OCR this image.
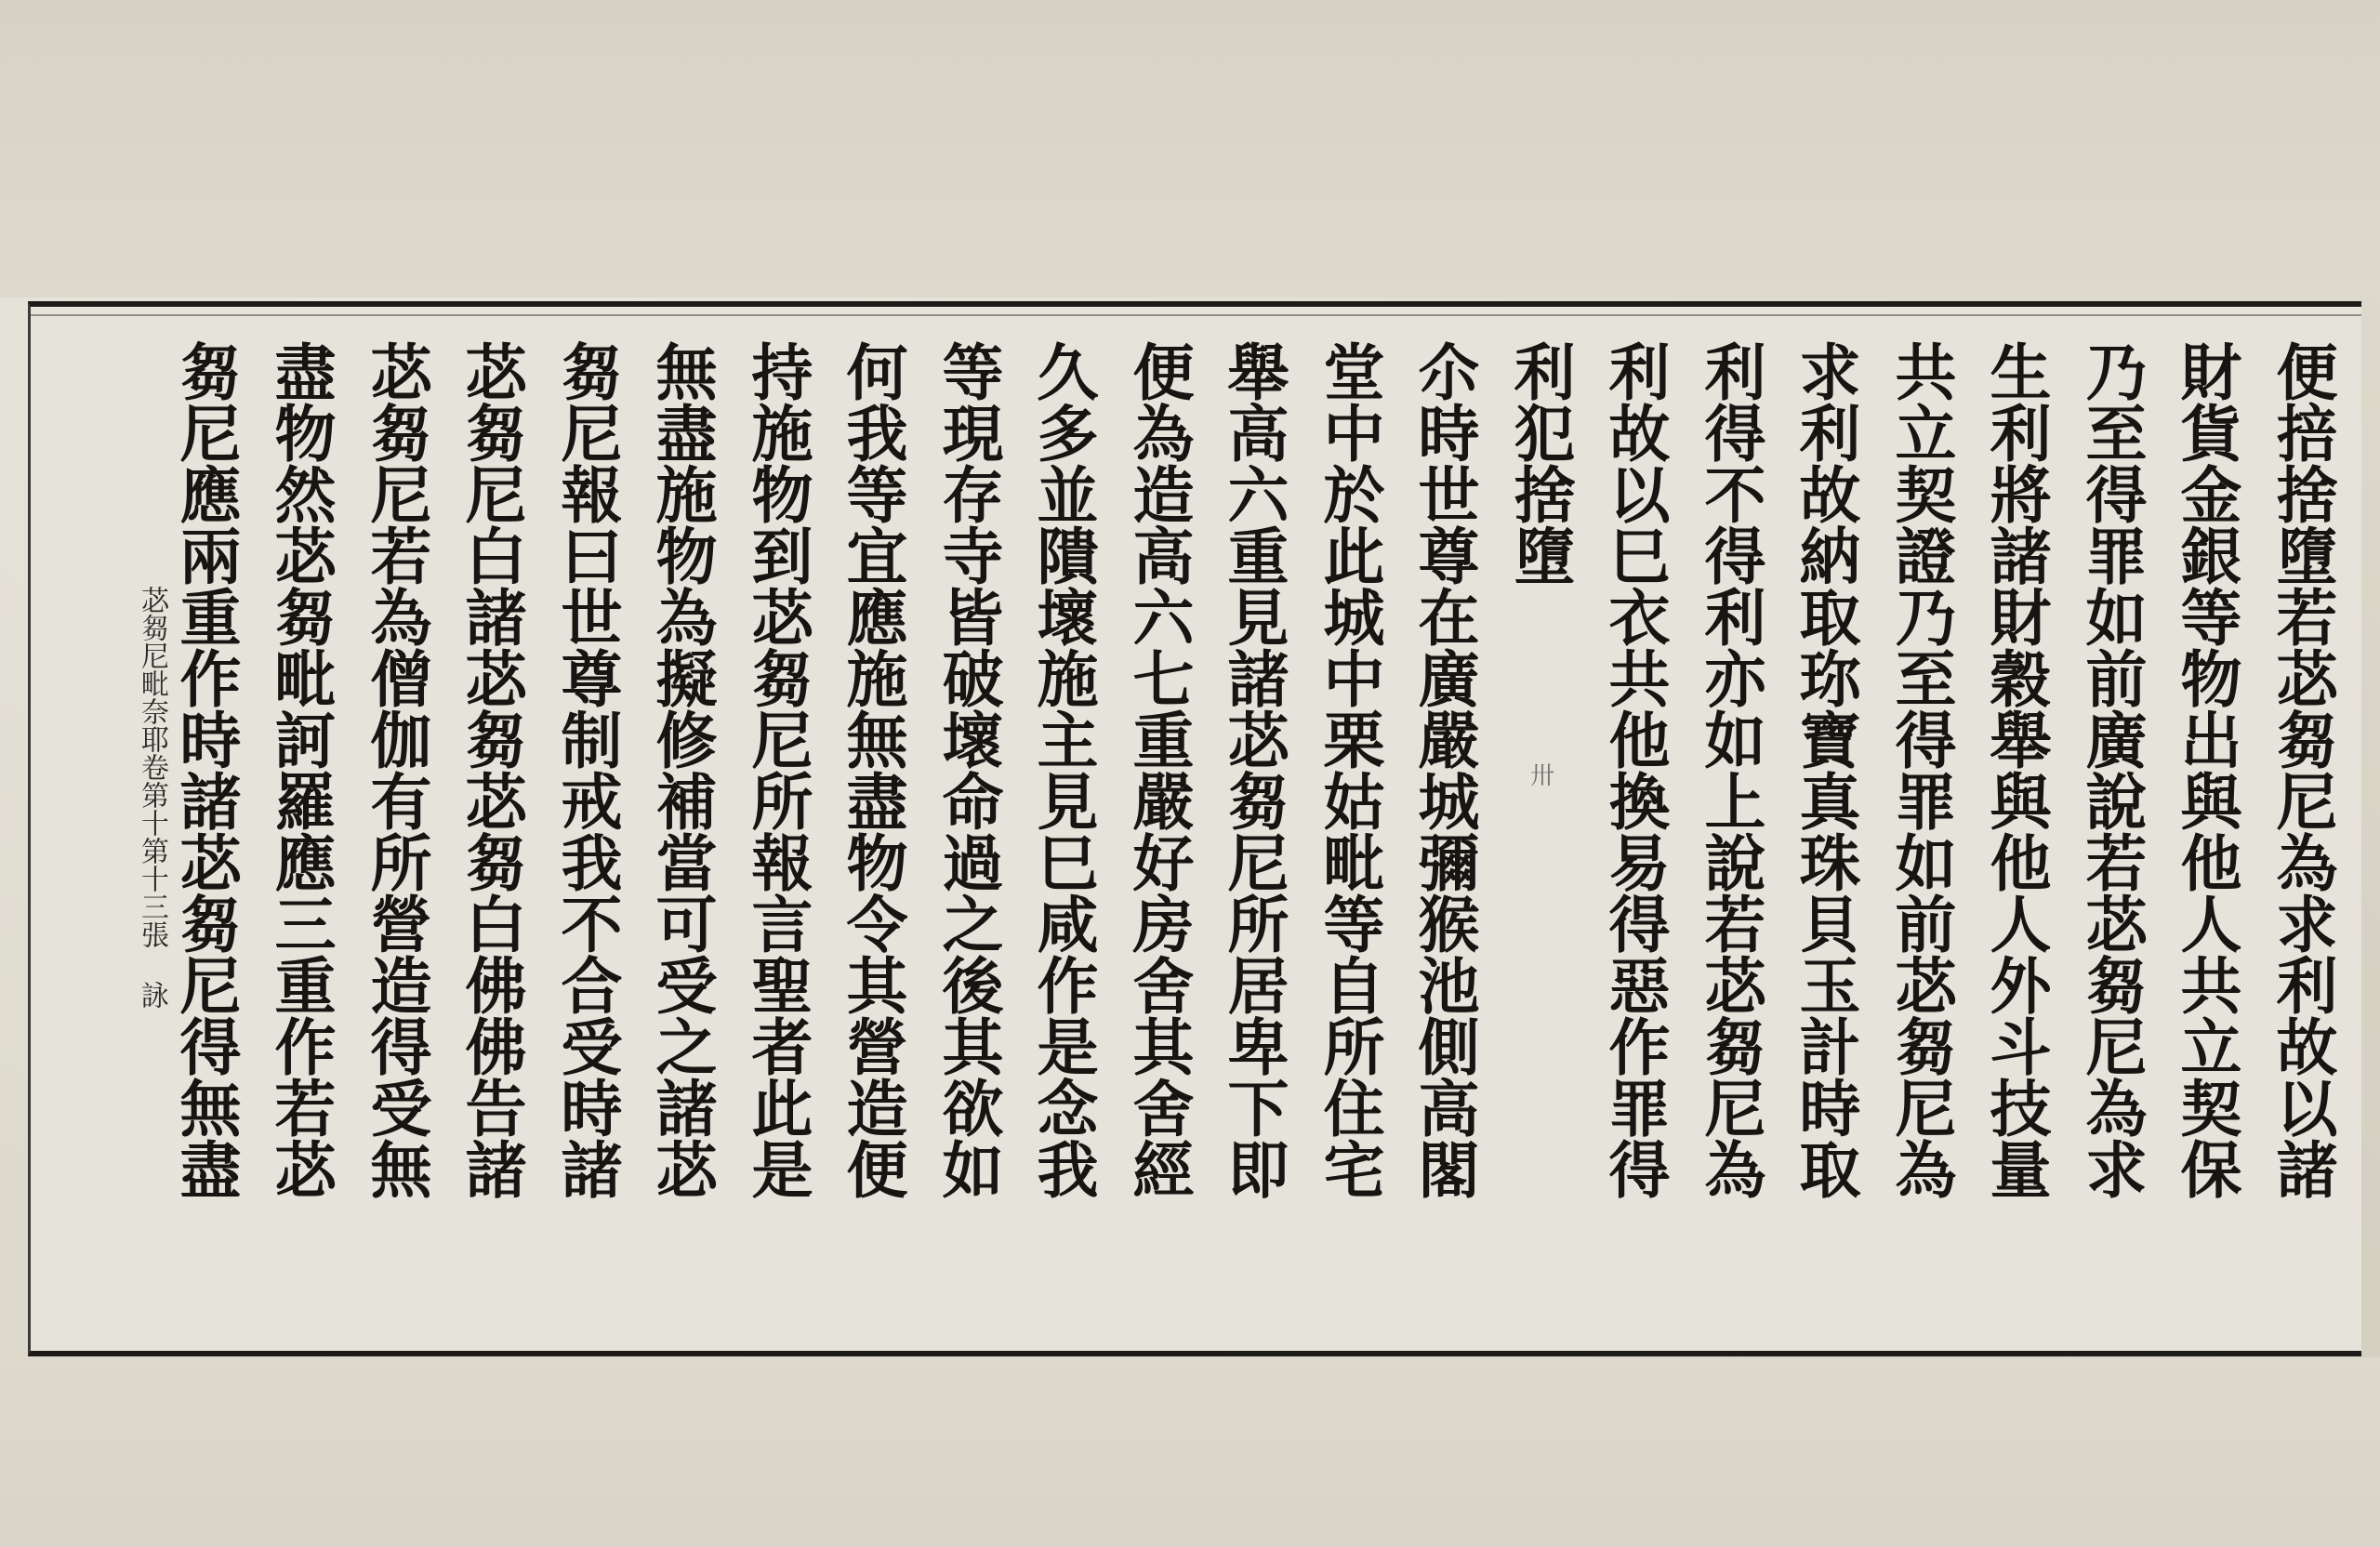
便掊捨墮若苾芻尼為求利故以諸
財貨金銀等物出與他人共立契保
乃至得罪如前廣說若苾芻尼為求
生利將諸財穀舉與他人外斗技量
共立契證乃至得罪如前苾芻尼為
求利故納取珎寶真珠貝玉計時取
利得不得利亦如上說若苾芻尼為
利故以巳衣共他換易得惡作罪得
利犯捨墮
尒時世尊在廣嚴城彌猴池側高閣
堂中於此城中栗姑毗等自所住宅
舉高六重見諸苾芻尼所居卑下即
便為造高六七重嚴好房舍其舍經
久多並隤壞施主見巳咸作是念我
等現存寺皆破壞命過之後其欲如
何我等宜應施無盡物令其營造便
持施物到苾芻尼所報言聖者此是
無盡施物為擬修補當可受之諸苾
芻尼報曰世尊制戒我不合受時諸
苾芻尼白諸苾芻苾芻白佛佛告諸
苾芻尼若為僧伽有所營造得受無
盡物然苾芻毗訶羅應三重作若苾
芻尼應兩重作時諸苾芻尼得無盡
苾芻尼毗奈耶卷第十第十三張 詠	卅
